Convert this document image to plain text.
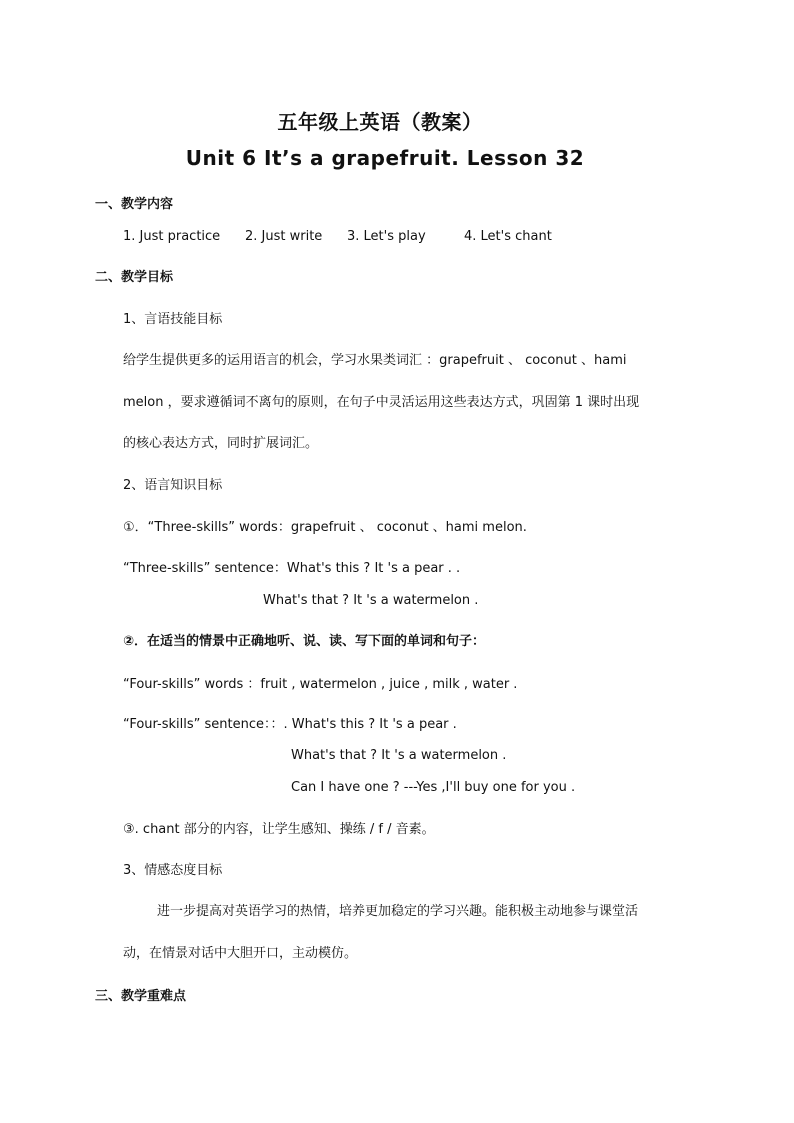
五年级上英语（教案）
Unit 6 It’s a grapefruit. Lesson 32
一、教学内容
1. Just practice 2. Just write 3. Let's play	4. Let's chant
二、教学目标
1、言语技能目标
给学生提供更多的运用语言的机会，学习水果类词汇 ：grapefruit 、 coconut 、hami
melon ，要求遵循词不离句的原则，在句子中灵活运用这些表达方式，巩固第 1 课时出现
的核心表达方式，同时扩展词汇。
2、语言知识目标
①．“Three-skills” words：grapefruit 、 coconut 、hami melon.
“Three-skills” sentence：What's this ? It 's a pear . .
What's that ? It 's a watermelon .
②．在适当的情景中正确地听、说、读、写下面的单词和句子：
“Four-skills” words ：fruit , watermelon , juice , milk , water .
“Four-skills” sentence：：. What's this ? It 's a pear .
What's that ? It 's a watermelon .
Can I have one ? ---Yes ,I'll buy one for you .
③. chant 部分的内容，让学生感知、操练 / f / 音素。
3、情感态度目标
进一步提高对英语学习的热情，培养更加稳定的学习兴趣。能积极主动地参与课堂活
动，在情景对话中大胆开口，主动模仿。
三、教学重难点
